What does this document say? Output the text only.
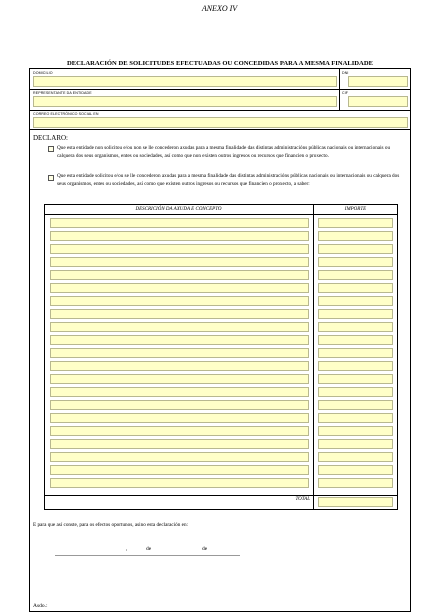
ANEXO IV
DECLARACIÓN DE SOLICITUDES EFECTUADAS OU CONCEDIDAS PARA A MESMA FINALIDADE
DOMICILIO	DNI
REPRESENTANTE DA ENTIDADE	CIF
CORREO ELECTRÓNICO SOCIAL EN
DECLARO:
Que esta entidade non solicitou e/ou non se lle concederon axudas para a mesma finalidade das distintas administracións públicas nacionais ou internacionais ou calquera dos seus organismos, entes ou sociedades, así como que non existen outros ingresos ou recursos que financien o proxecto.
Que esta entidade solicitou e/ou se lle concederon axudas para a mesma finalidade das distintas administracións públicas nacionais ou internacionais ou calquera dos seus organismos, entes ou sociedades, así como que existen outros ingresos ou recursos que financien o proxecto, a saber:
DESCRICIÓN DA AXUDA E CONCEPTO	IMPORTE
TOTAL
E para que así conste, para os efectos oportunos, asino esta declaración en:
,	de	de
Asdo.:
